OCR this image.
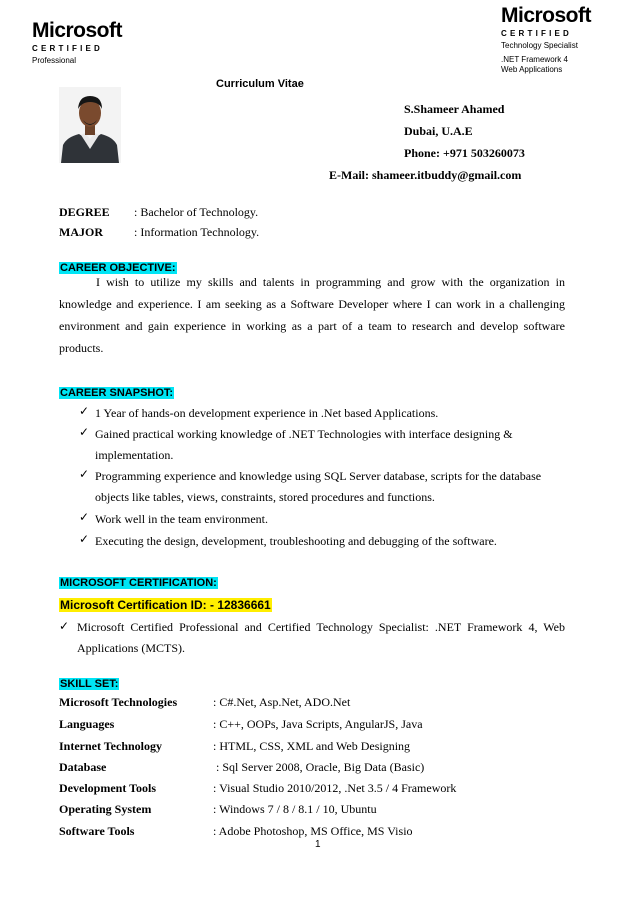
Microsoft
CERTIFIED
Professional
Microsoft
CERTIFIED
Technology Specialist
.NET Framework 4
Web Applications
Curriculum Vitae
S.Shameer Ahamed
Dubai, U.A.E
Phone: +971 503260073
E-Mail: shameer.itbuddy@gmail.com
DEGREE : Bachelor of Technology.
MAJOR	: Information Technology.
CAREER OBJECTIVE:
I wish to utilize my skills and talents in programming and grow with the organization in knowledge and experience. I am seeking as a Software Developer where I can work in a challenging environment and gain experience in working as a part of a team to research and develop software products.
CAREER SNAPSHOT:
✓ 1 Year of hands-on development experience in .Net based Applications.
✓ Gained practical working knowledge of .NET Technologies with interface designing & implementation.
✓ Programming experience and knowledge using SQL Server database, scripts for the database objects like tables, views, constraints, stored procedures and functions.
✓ Work well in the team environment.
✓ Executing the design, development, troubleshooting and debugging of the software.
MICROSOFT CERTIFICATION:
Microsoft Certification ID: - 12836661
✓ Microsoft Certified Professional and Certified Technology Specialist: .NET Framework 4, Web Applications (MCTS).
SKILL SET:
Microsoft Technologies	: C#.Net, Asp.Net, ADO.Net
Languages	: C++, OOPs, Java Scripts, AngularJS, Java
Internet Technology	: HTML, CSS, XML and Web Designing
Database	: Sql Server 2008, Oracle, Big Data (Basic)
Development Tools	: Visual Studio 2010/2012, .Net 3.5 / 4 Framework
Operating System	: Windows 7 / 8 / 8.1 / 10, Ubuntu
Software Tools	: Adobe Photoshop, MS Office, MS Visio
1
